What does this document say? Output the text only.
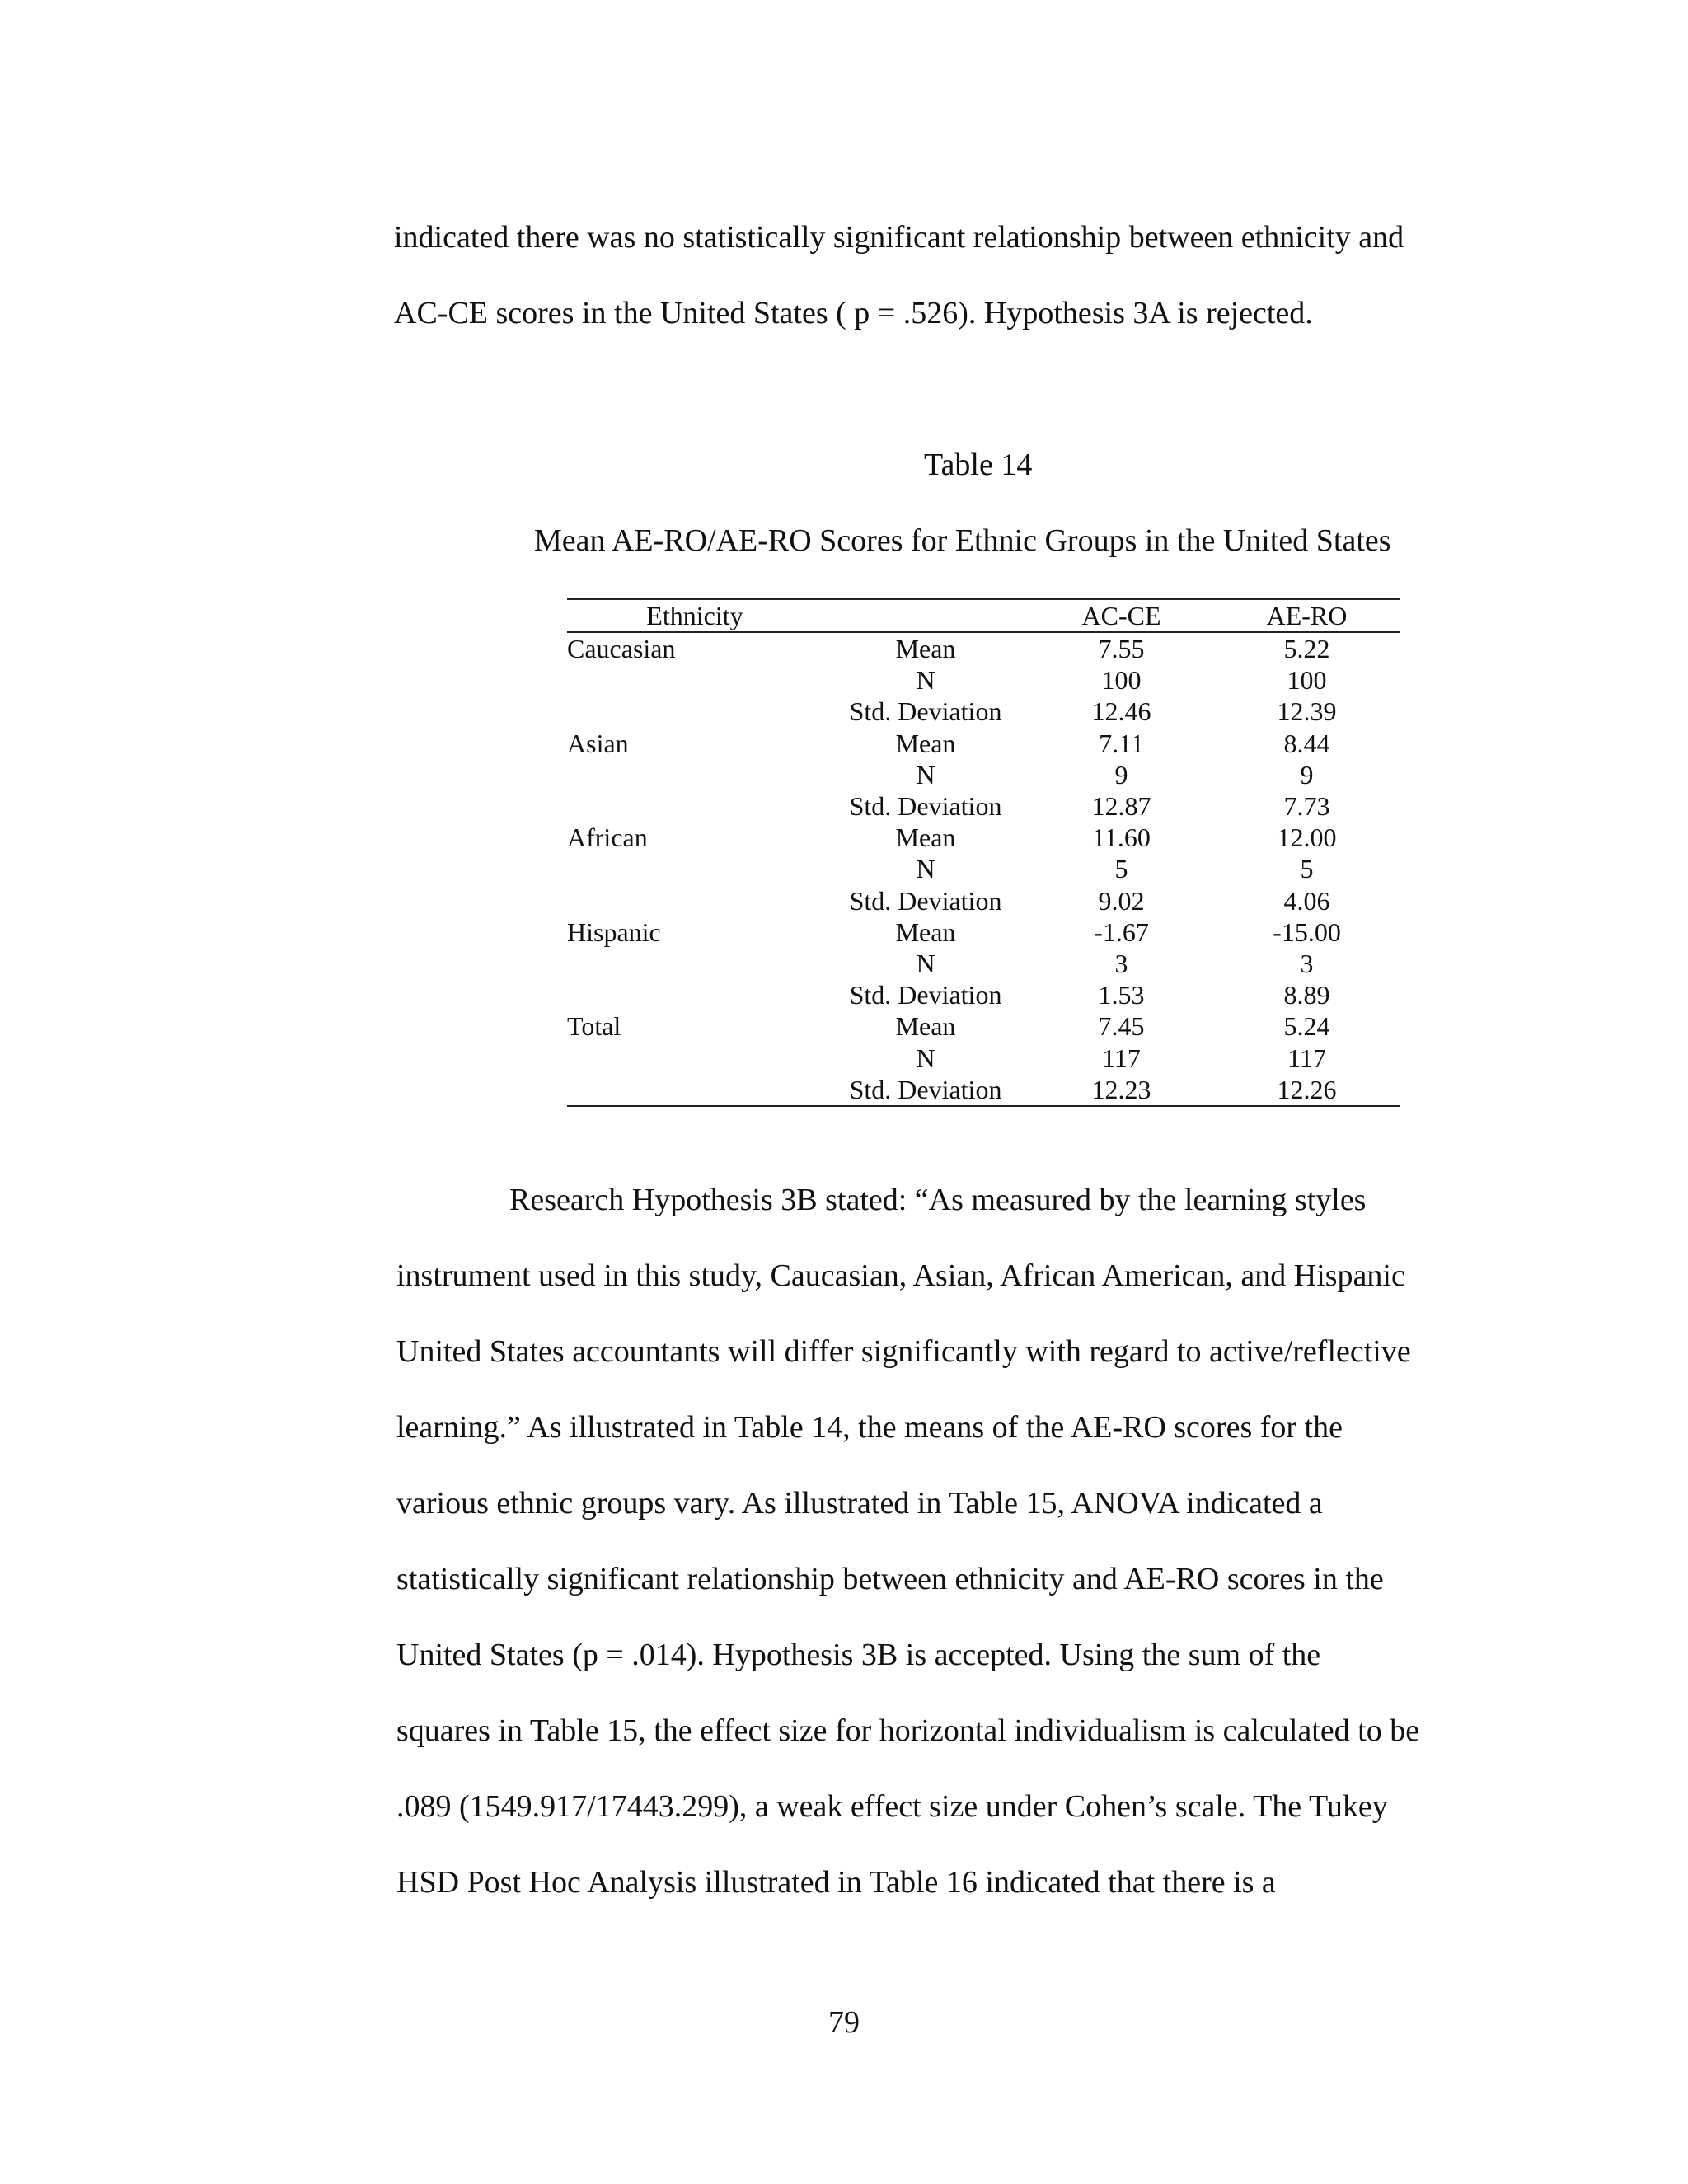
indicated there was no statistically significant relationship between ethnicity and
AC-CE scores in the United States ( p = .526). Hypothesis 3A is rejected.
Table 14
Mean AE-RO/AE-RO Scores for Ethnic Groups in the United States
Ethnicity		AC-CE	AE-RO
Caucasian	Mean	7.55	5.22
	N	100	100
	Std. Deviation	12.46	12.39
Asian	Mean	7.11	8.44
	N	9	9
	Std. Deviation	12.87	7.73
African	Mean	11.60	12.00
	N	5	5
	Std. Deviation	9.02	4.06
Hispanic	Mean	-1.67	-15.00
	N	3	3
	Std. Deviation	1.53	8.89
Total	Mean	7.45	5.24
	N	117	117
	Std. Deviation	12.23	12.26
Research Hypothesis 3B stated: “As measured by the learning styles
instrument used in this study, Caucasian, Asian, African American, and Hispanic
United States accountants will differ significantly with regard to active/reflective
learning.” As illustrated in Table 14, the means of the AE-RO scores for the
various ethnic groups vary. As illustrated in Table 15, ANOVA indicated a
statistically significant relationship between ethnicity and AE-RO scores in the
United States (p = .014). Hypothesis 3B is accepted. Using the sum of the
squares in Table 15, the effect size for horizontal individualism is calculated to be
.089 (1549.917/17443.299), a weak effect size under Cohen’s scale. The Tukey
HSD Post Hoc Analysis illustrated in Table 16 indicated that there is a
79
